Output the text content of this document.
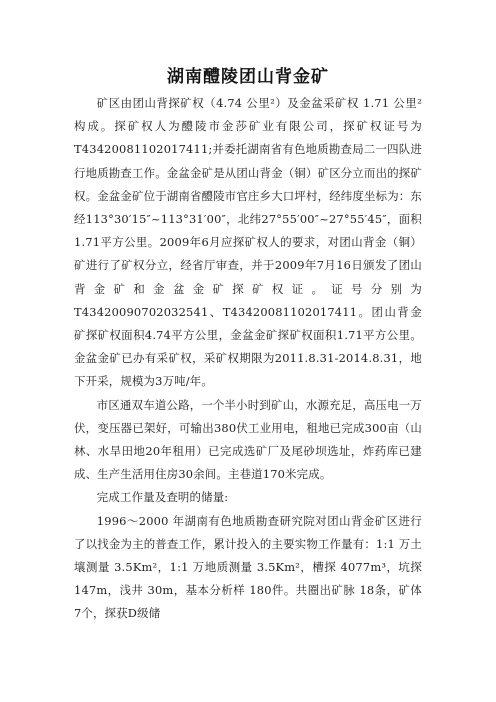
湖南醴陵团山背金矿

矿区由团山背探矿权（4.74 公里²）及金盆采矿权 1.71 公里²构成。探矿权人为醴陵市金莎矿业有限公司，探矿权证号为T43420081102017411;并委托湖南省有色地质勘查局二一四队进行地质勘查工作。金盆金矿是从团山背金（铜）矿区分立而出的探矿权。金盆金矿位于湖南省醴陵市官庄乡大口坪村，经纬度坐标为：东经113°30′15″~113°31′00″，北纬27°55′00″~27°55′45″，面积1.71平方公里。2009年6月应探矿权人的要求，对团山背金（铜）矿进行了矿权分立，经省厅审查，并于2009年7月16日颁发了团山背金矿和金盆金矿探矿权证。证号分别为 T43420090702032541、T43420081102017411。团山背金矿探矿权面积4.74平方公里，金盆金矿探矿权面积1.71平方公里。金盆金矿已办有采矿权，采矿权期限为2011.8.31-2014.8.31，地下开采，规模为3万吨/年。

市区通双车道公路，一个半小时到矿山，水源充足，高压电一万伏，变压器已架好，可输出380伏工业用电，租地已完成300亩（山林、水旱田地20年租用）已完成选矿厂及尾砂坝选址，炸药库已建成、生产生活用住房30余间。主巷道170米完成。

完成工作量及查明的储量:

1996～2000 年湖南有色地质勘查研究院对团山背金矿区进行了以找金为主的普查工作，累计投入的主要实物工作量有：1:1 万土壤测量 3.5Km²，1:1 万地质测量 3.5Km²，槽探 4077m³，坑探 147m，浅井 30m，基本分析样 180件。共圈出矿脉 18条，矿体 7个，探获D级储
